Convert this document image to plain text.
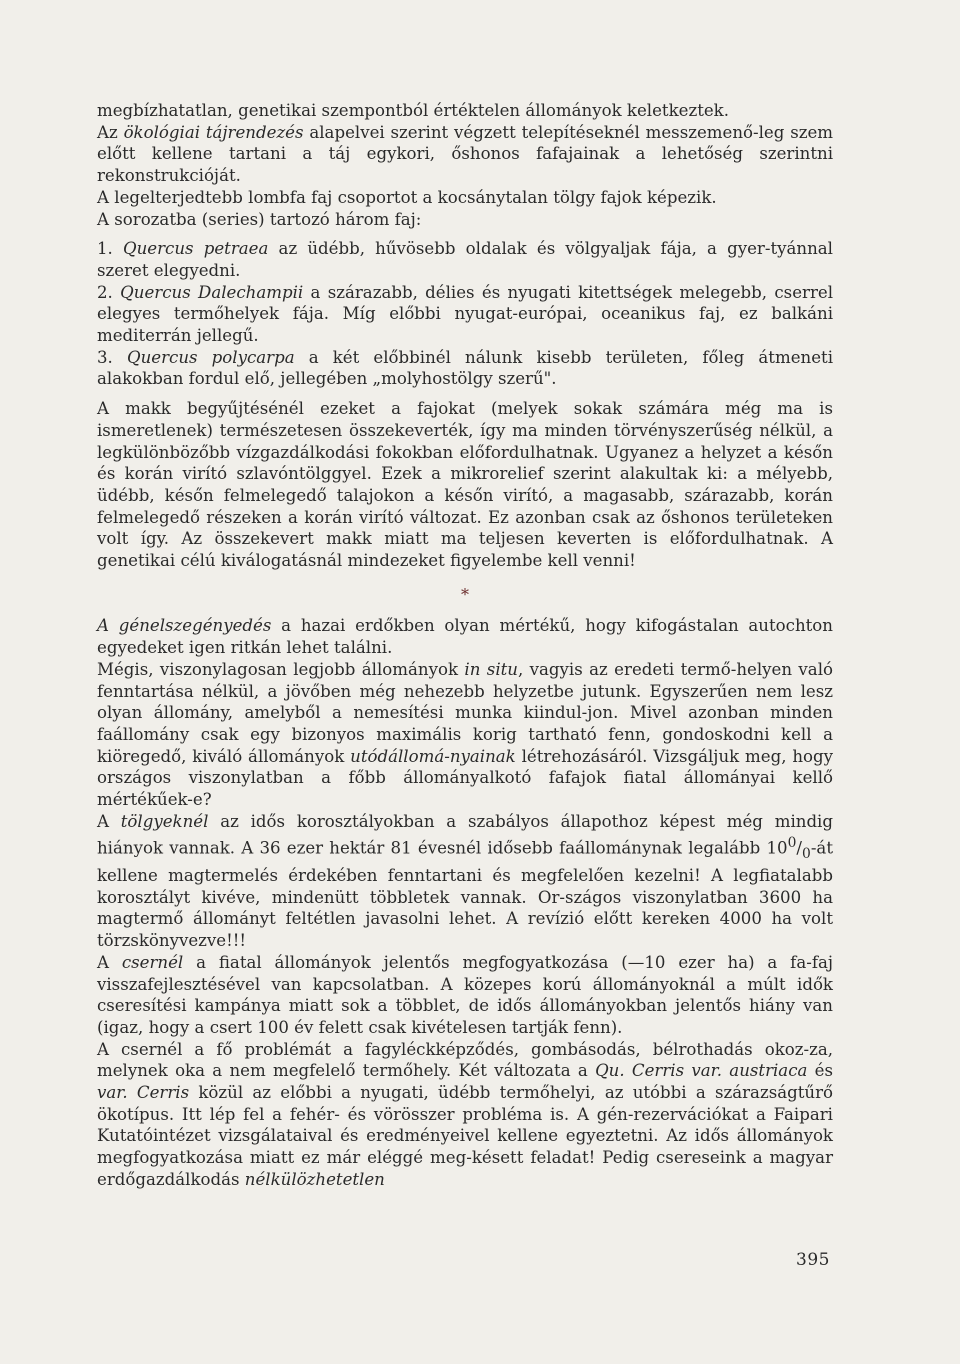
megbízhatatlan, genetikai szempontból értéktelen állományok keletkeztek.
Az ökológiai tájrendezés alapelvei szerint végzett telepítéseknél messzemenő-leg szem előtt kellene tartani a táj egykori, őshonos fafajainak a lehetőség szerintni rekonstrukcióját.

A legelterjedtebb lombfa faj csoportot a kocsánytalan tölgy fajok képezik.

A sorozatba (series) tartozó három faj:

1. Quercus petraea az üdébb, hűvösebb oldalak és völgyaljak fája, a gyer-tyánnal szeret elegyedni.

2. Quercus Dalechampii a szárazabb, délies és nyugati kitettségek melegebb, cserrel elegyes termőhelyek fája. Míg előbbi nyugat-európai, oceanikus faj, ez balkáni mediterrán jellegű.

3. Quercus polycarpa a két előbbinél nálunk kisebb területen, főleg átmeneti alakokban fordul elő, jellegében „molyhostölgy szerű".

A makk begyűjtésénél ezeket a fajokat (melyek sokak számára még ma is ismeretlenek) természetesen összekeverték, így ma minden törvényszerűség nélkül, a legkülönbözőbb vízgazdálkodási fokokban előfordulhatnak. Ugyanez a helyzet a későn és korán virító szlavóntölggyel. Ezek a mikrorelief szerint alakultak ki: a mélyebb, üdébb, későn felmelegedő talajokon a későn virító, a magasabb, szárazabb, korán felmelegedő részeken a korán virító változat. Ez azonban csak az őshonos területeken volt így. Az összekevert makk miatt ma teljesen keverten is előfordulhatnak. A genetikai célú kiválogatásnál mindezeket figyelembe kell venni!

*

A génelszegényedés a hazai erdőkben olyan mértékű, hogy kifogástalan autochton egyedeket igen ritkán lehet találni.

Mégis, viszonylagosan legjobb állományok in situ, vagyis az eredeti termő-helyen való fenntartása nélkül, a jövőben még nehezebb helyzetbe jutunk. Egyszerűen nem lesz olyan állomány, amelyből a nemesítési munka kiindul-jon. Mivel azonban minden faállomány csak egy bizonyos maximális korig tartható fenn, gondoskodni kell a kiöregedő, kiváló állományok utódállomá-nyainak létrehozásáról. Vizsgáljuk meg, hogy országos viszonylatban a főbb állományalkotó fafajok fiatal állományai kellő mértékűek-e?

A tölgyeknél az idős korosztályokban a szabályos állapothoz képest még mindig hiányok vannak. A 36 ezer hektár 81 évesnél idősebb faállománynak legalább $10^0/_0-át$ kellene magtermelés érdekében fenntartani és megfelelően kezelni! A legfiatalabb korosztályt kivéve, mindenütt többletek vannak. Or-szágos viszonylatban 3600 ha magtermő állományt feltétlen javasolni lehet. A revízió előtt kereken 4000 ha volt törzskönyvezve!!!

A csernél a fiatal állományok jelentős megfogyatkozása (—10 ezer ha) a fa-faj visszafejlesztésével van kapcsolatban. A közepes korú állományoknál a múlt idők cseresítési kampánya miatt sok a többlet, de idős állományokban jelentős hiány van (igaz, hogy a csert 100 év felett csak kivételesen tartják fenn).

A csernél a fő problémát a fagyléckképződés, gombásodás, bélrothadás okoz-za, melynek oka a nem megfelelő termőhely. Két változata a Qu. Cerris var. austriaca és var. Cerris közül az előbbi a nyugati, üdébb termőhelyi, az utóbbi a szárazságtűrő ökotípus. Itt lép fel a fehér- és vörösszer probléma is. A gén-rezervációkat a Faipari Kutatóintézet vizsgálataival és eredményeivel kellene egyeztetni. Az idős állományok megfogyatkozása miatt ez már eléggé meg-késett feladat! Pedig csereseink a magyar erdőgazdálkodás nélkülözhetetlen

395
